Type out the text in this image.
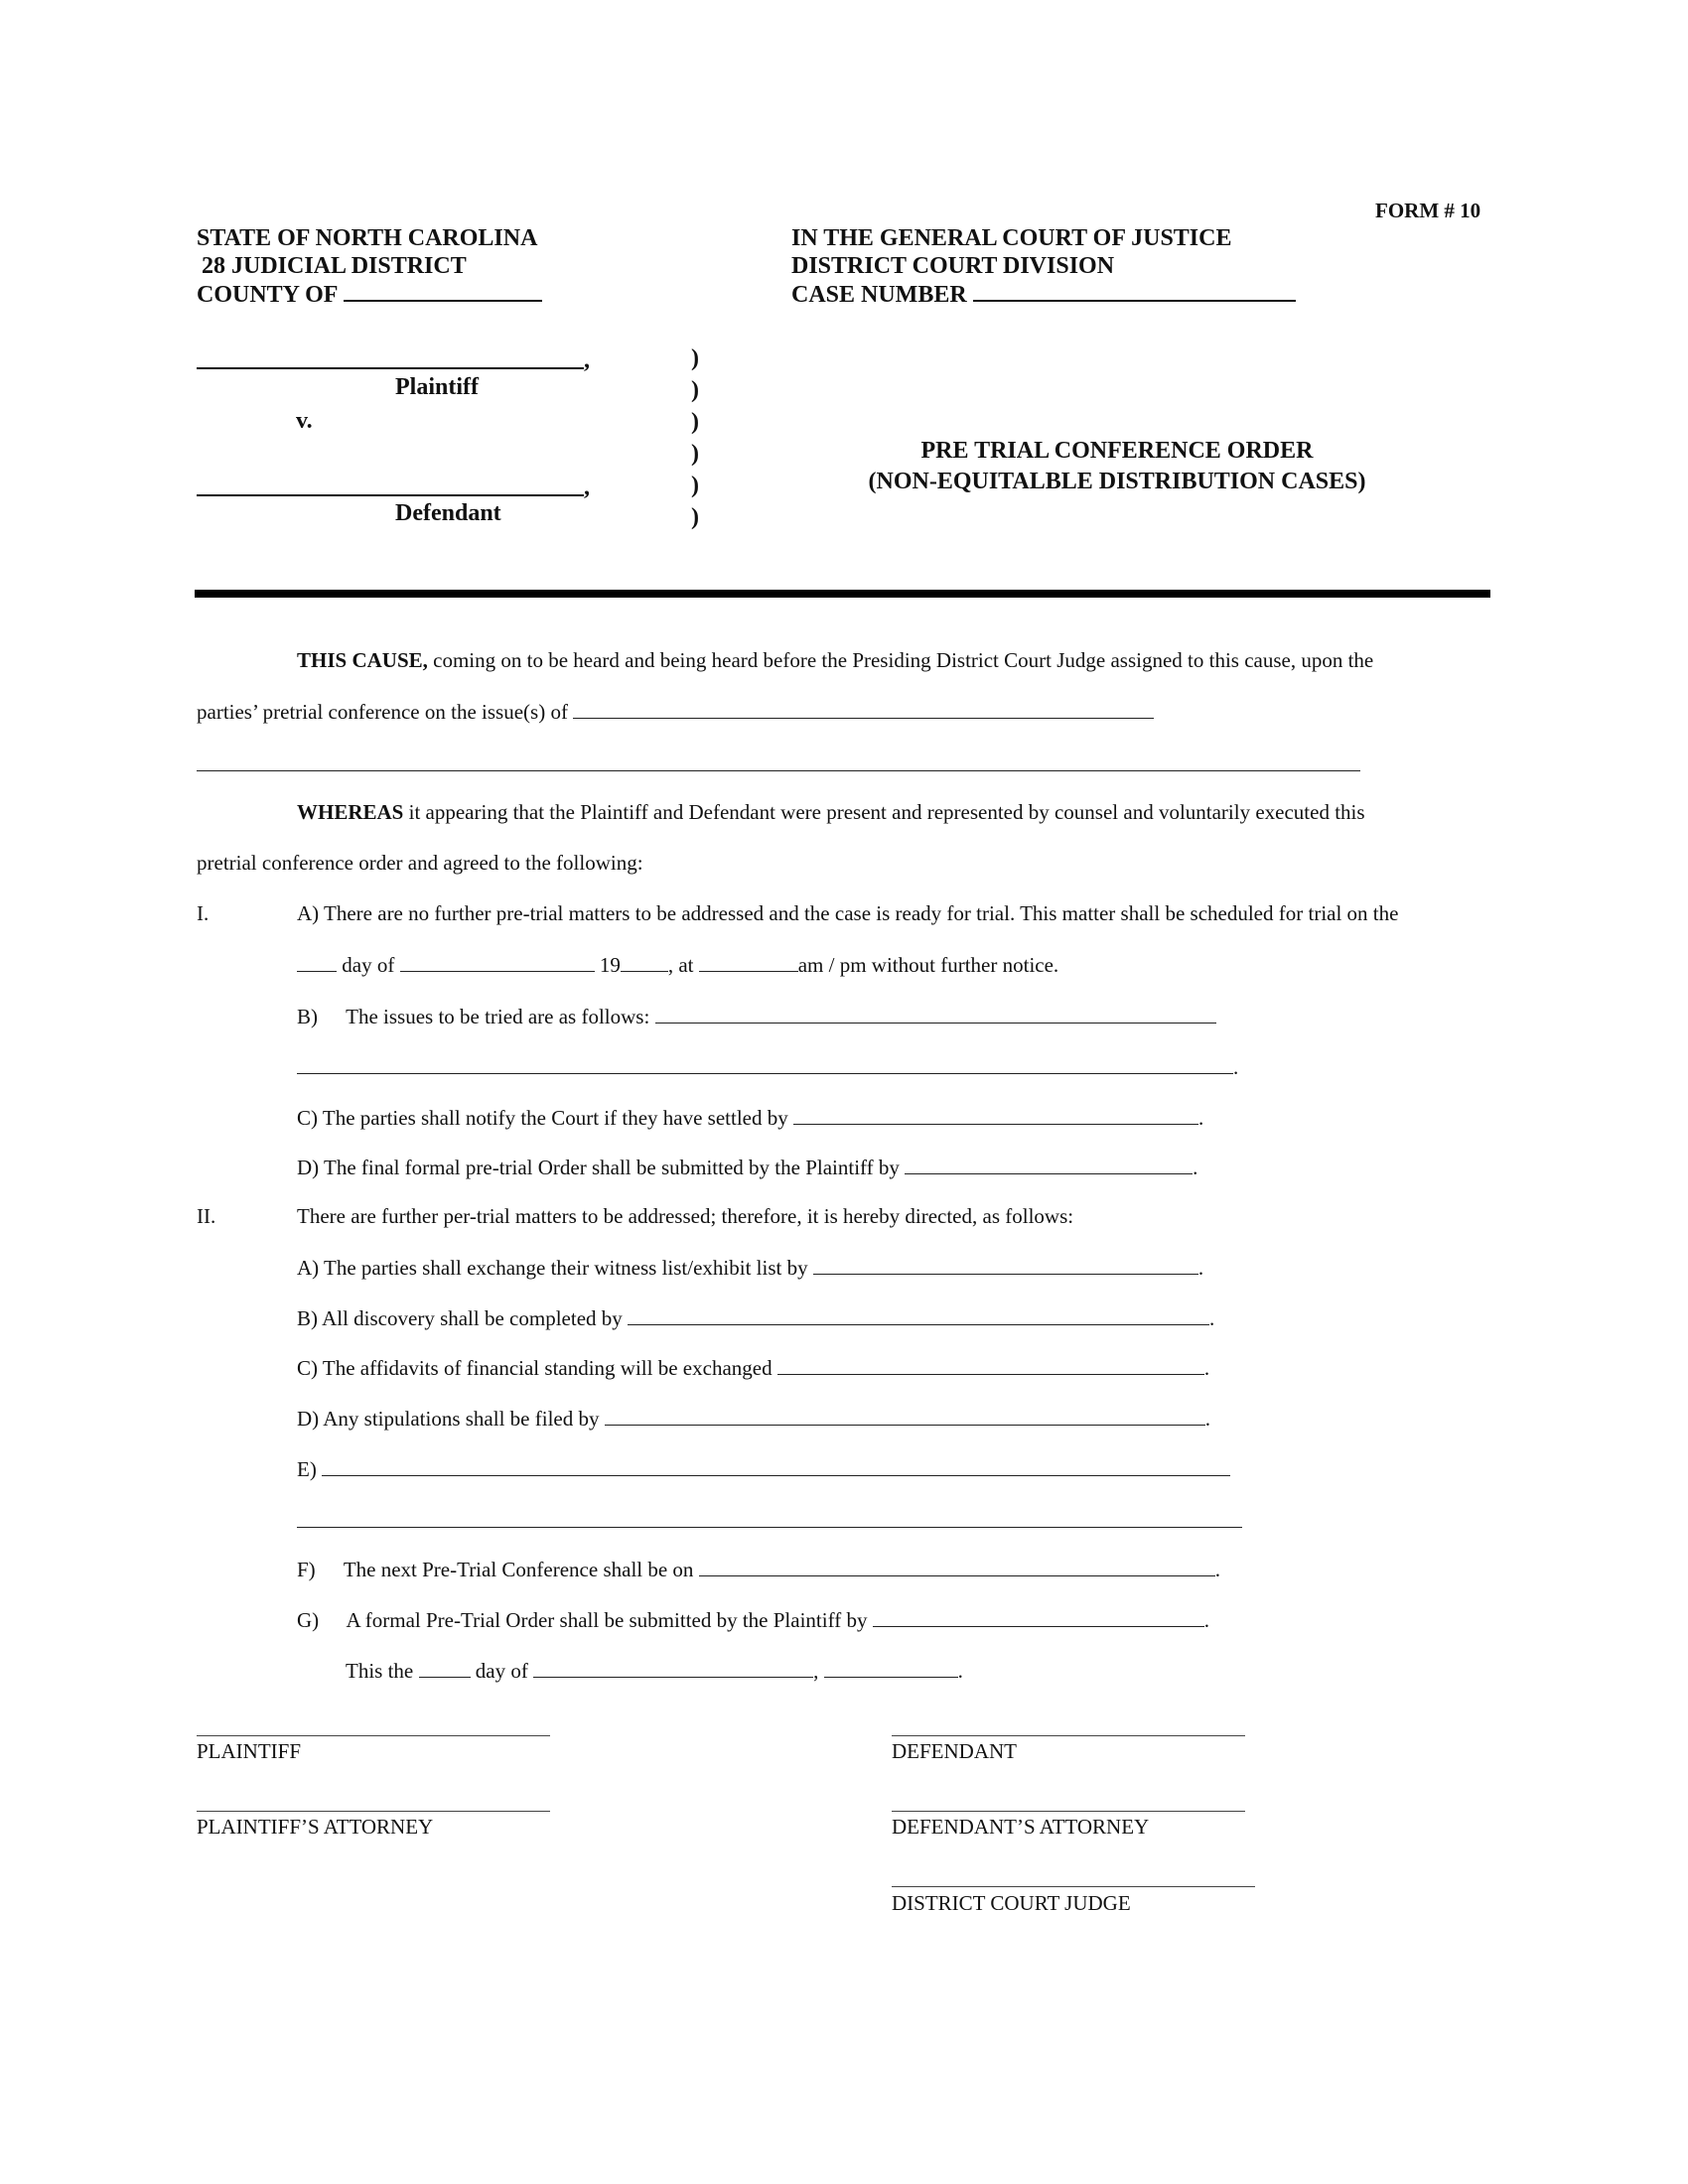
FORM # 10
STATE OF NORTH CAROLINA
28 JUDICIAL DISTRICT
COUNTY OF
IN THE GENERAL COURT OF JUSTICE
DISTRICT COURT DIVISION
CASE NUMBER
,
Plaintiff
v.
,
Defendant
)
)
)
)
)
)
PRE TRIAL CONFERENCE ORDER
(NON-EQUITALBLE DISTRIBUTION CASES)
THIS CAUSE, coming on to be heard and being heard before the Presiding District Court Judge assigned to this cause, upon the
parties’ pretrial conference on the issue(s) of
WHEREAS it appearing that the Plaintiff and Defendant were present and represented by counsel and voluntarily executed this
pretrial conference order and agreed to the following:
I.	A) There are no further pre-trial matters to be addressed and the case is ready for trial. This matter shall be scheduled for trial on the
day of	19 , at	am / pm without further notice.
B) The issues to be tried are as follows:
.
C) The parties shall notify the Court if they have settled by	.
D) The final formal pre-trial Order shall be submitted by the Plaintiff by	.
II.	There are further per-trial matters to be addressed; therefore, it is hereby directed, as follows:
A) The parties shall exchange their witness list/exhibit list by	.
B) All discovery shall be completed by	.
C) The affidavits of financial standing will be exchanged	.
D) Any stipulations shall be filed by	.
E)
F) The next Pre-Trial Conference shall be on	.
G) A formal Pre-Trial Order shall be submitted by the Plaintiff by	.
This the	day of	,	.
PLAINTIFF	DEFENDANT
PLAINTIFF’S ATTORNEY	DEFENDANT’S ATTORNEY
DISTRICT COURT JUDGE
